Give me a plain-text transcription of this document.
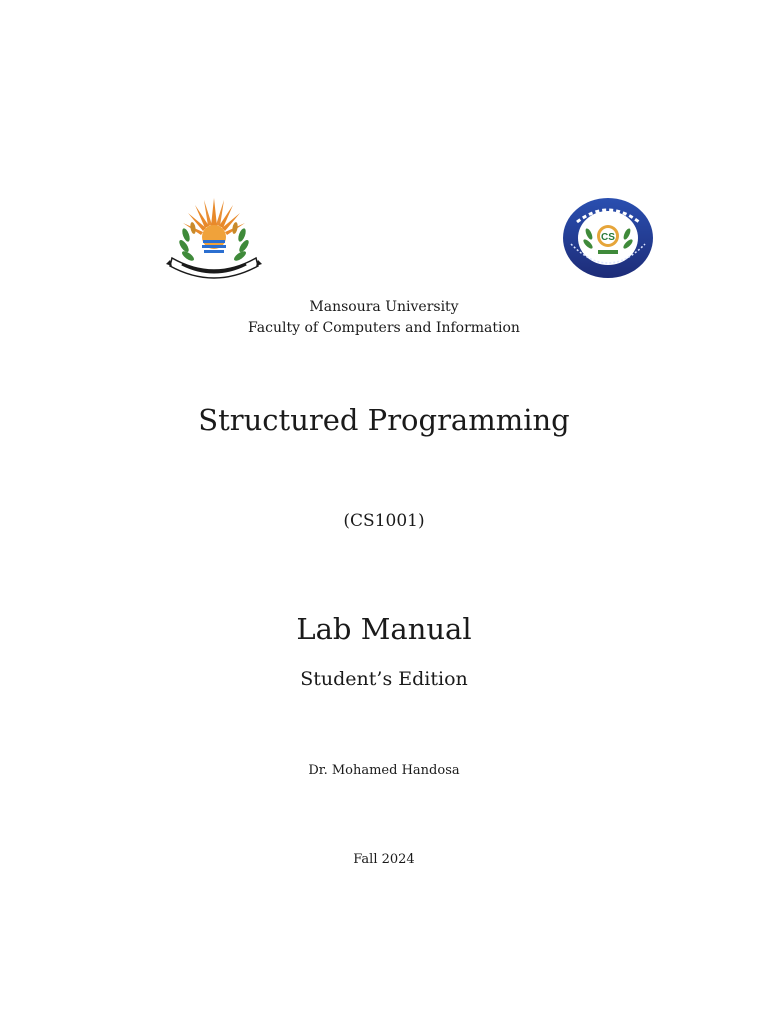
CS
Mansoura University
Faculty of Computers and Information
Structured Programming
(CS1001)
Lab Manual
Student’s Edition
Dr. Mohamed Handosa
Fall 2024
